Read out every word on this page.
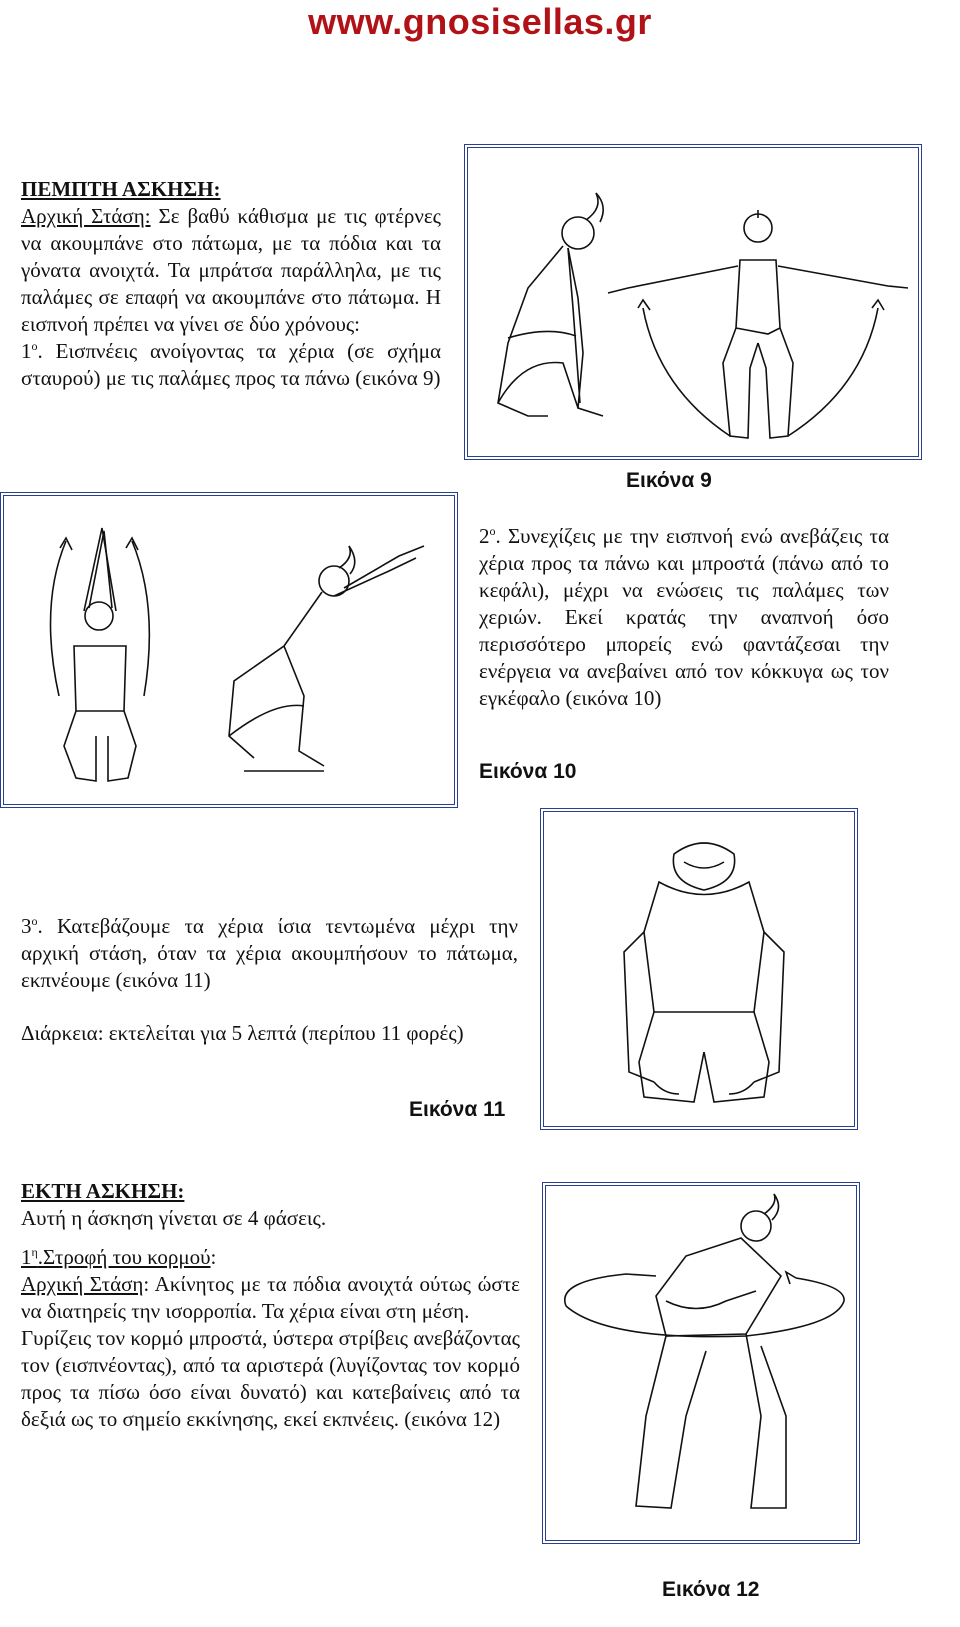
www.gnosisellas.gr

ΠΕΜΠΤΗ ΑΣΚΗΣΗ:

Αρχική Στάση: Σε βαθύ κάθισμα με τις φτέρνες να ακουμπάνε στο πάτωμα, με τα πόδια και τα γόνατα ανοιχτά. Τα μπράτσα παράλληλα, με τις παλάμες σε επαφή να ακουμπάνε στο πάτωμα. Η εισπνοή πρέπει να γίνει σε δύο χρόνους:

$1^o$. Εισπνέεις ανοίγοντας τα χέρια (σε σχήμα σταυρού) με τις παλάμες προς τα πάνω (εικόνα 9)

Εικόνα 9

$2^o$. Συνεχίζεις με την εισπνοή ενώ ανεβάζεις τα χέρια προς τα πάνω και μπροστά (πάνω από το κεφάλι), μέχρι να ενώσεις τις παλάμες των χεριών. Εκεί κρατάς την αναπνοή όσο περισσότερο μπορείς ενώ φαντάζεσαι την ενέργεια να ανεβαίνει από τον κόκκυγα ως τον εγκέφαλο (εικόνα 10)

Εικόνα 10

$3^o$. Κατεβάζουμε τα χέρια ίσια τεντωμένα μέχρι την αρχική στάση, όταν τα χέρια ακουμπήσουν το πάτωμα, εκπνέουμε (εικόνα 11)

Διάρκεια: εκτελείται για 5 λεπτά (περίπου 11 φορές)
Εικόνα 11

ΕΚΤΗ ΑΣΚΗΣΗ:

Αυτή η άσκηση γίνεται σε 4 φάσεις.

$1^\eta.\Sigma\tau\rho o\varphi ή$ του κορμού:

Αρχική Στάση: Ακίνητος με τα πόδια ανοιχτά ούτως ώστε να διατηρείς την ισορροπία. Τα χέρια είναι στη μέση.

Γυρίζεις τον κορμό μπροστά, ύστερα στρίβεις ανεβάζοντας τον (εισπνέοντας), από τα αριστερά (λυγίζοντας τον κορμό προς τα πίσω όσο είναι δυνατό) και κατεβαίνεις από τα δεξιά ως το σημείο εκκίνησης, εκεί εκπνέεις. (εικόνα 12)

Εικόνα 12
